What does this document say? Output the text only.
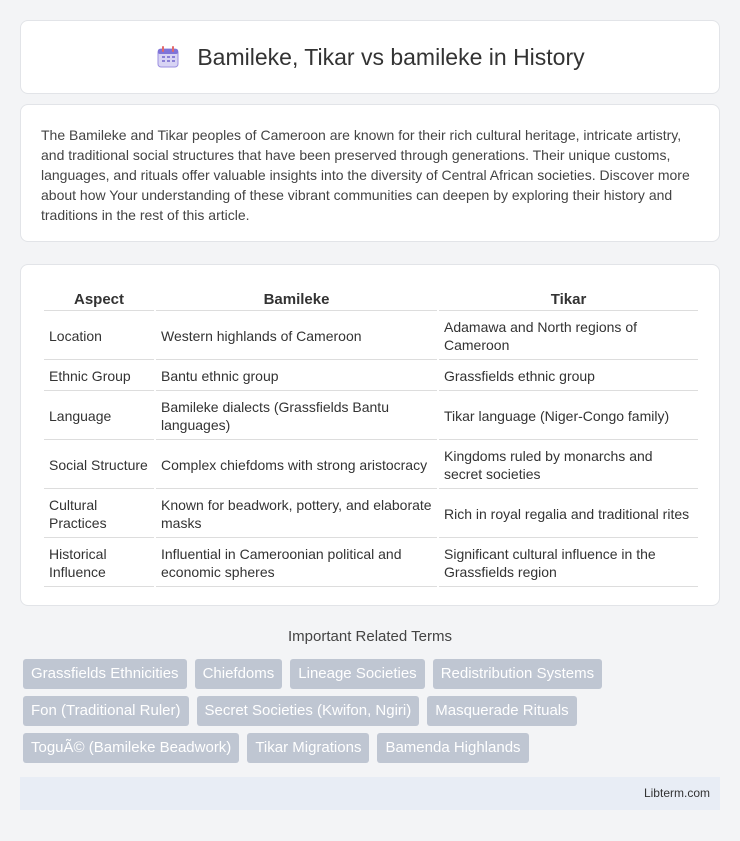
Bamileke, Tikar vs bamileke in History

The Bamileke and Tikar peoples of Cameroon are known for their rich cultural heritage, intricate artistry, and traditional social structures that have been preserved through generations. Their unique customs, languages, and rituals offer valuable insights into the diversity of Central African societies. Discover more about how Your understanding of these vibrant communities can deepen by exploring their history and traditions in the rest of this article.

Aspect	Bamileke	Tikar
Location	Western highlands of Cameroon	Adamawa and North regions of Cameroon
Ethnic Group	Bantu ethnic group	Grassfields ethnic group
Language	Bamileke dialects (Grassfields Bantu languages)	Tikar language (Niger-Congo family)
Social Structure	Complex chiefdoms with strong aristocracy	Kingdoms ruled by monarchs and secret societies
Cultural Practices	Known for beadwork, pottery, and elaborate masks	Rich in royal regalia and traditional rites
Historical Influence	Influential in Cameroonian political and economic spheres	Significant cultural influence in the Grassfields region
Important Related Terms
Grassfields Ethnicities	Chiefdoms	Lineage Societies	Redistribution Systems
Fon (Traditional Ruler)	Secret Societies (Kwifon, Ngiri)	Masquerade Rituals
ToguÃ© (Bamileke Beadwork)	Tikar Migrations	Bamenda Highlands
Libterm.com
